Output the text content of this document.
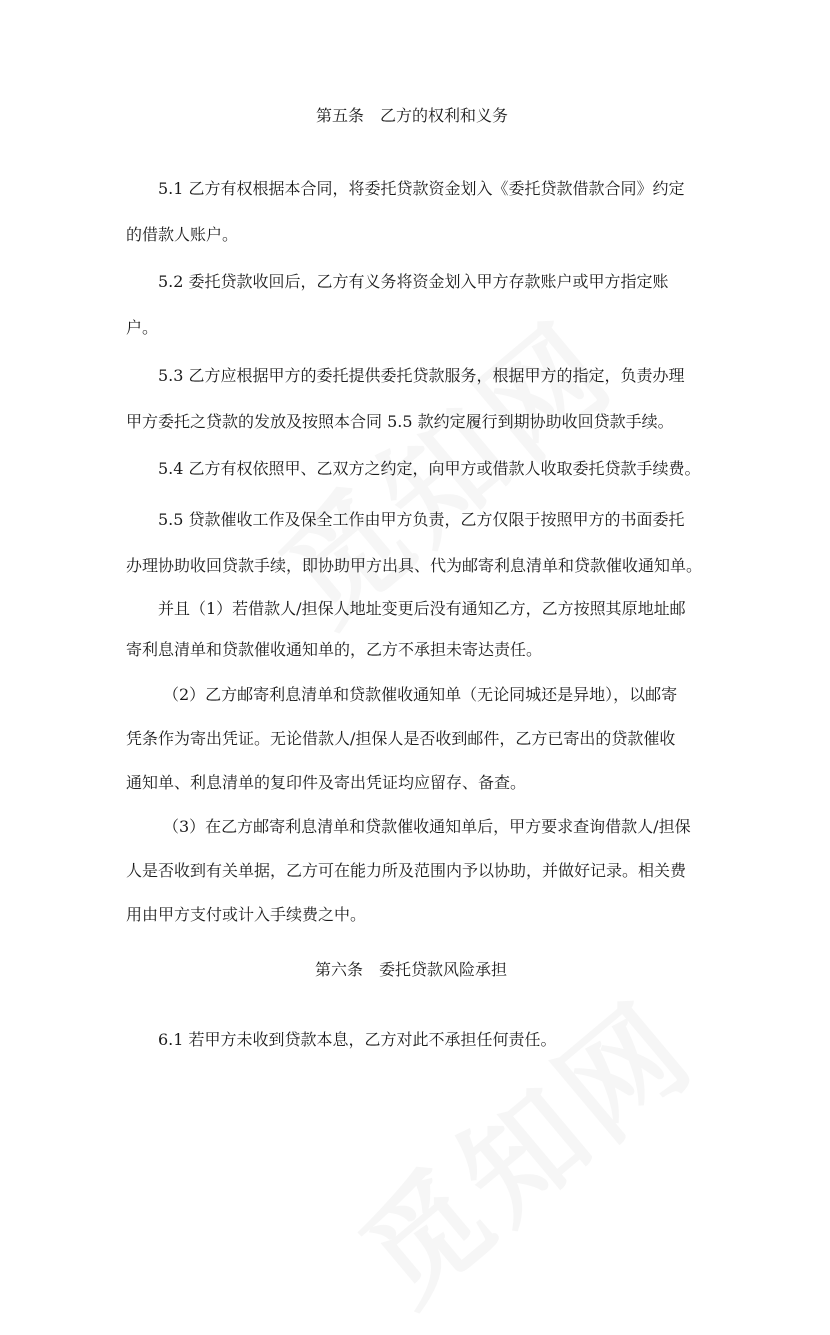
第五条　乙方的权利和义务
5.1 乙方有权根据本合同，将委托贷款资金划入《委托贷款借款合同》约定
的借款人账户。
5.2 委托贷款收回后，乙方有义务将资金划入甲方存款账户或甲方指定账
户。
5.3 乙方应根据甲方的委托提供委托贷款服务，根据甲方的指定，负责办理
甲方委托之贷款的发放及按照本合同 5.5 款约定履行到期协助收回贷款手续。
5.4 乙方有权依照甲、乙双方之约定，向甲方或借款人收取委托贷款手续费。
5.5 贷款催收工作及保全工作由甲方负责，乙方仅限于按照甲方的书面委托
办理协助收回贷款手续，即协助甲方出具、代为邮寄利息清单和贷款催收通知单。
并且（1）若借款人/担保人地址变更后没有通知乙方，乙方按照其原地址邮
寄利息清单和贷款催收通知单的，乙方不承担未寄达责任。
（2）乙方邮寄利息清单和贷款催收通知单（无论同城还是异地），以邮寄
凭条作为寄出凭证。无论借款人/担保人是否收到邮件，乙方已寄出的贷款催收
通知单、利息清单的复印件及寄出凭证均应留存、备查。
（3）在乙方邮寄利息清单和贷款催收通知单后，甲方要求查询借款人/担保
人是否收到有关单据，乙方可在能力所及范围内予以协助，并做好记录。相关费
用由甲方支付或计入手续费之中。
第六条　委托贷款风险承担
6.1 若甲方未收到贷款本息，乙方对此不承担任何责任。
